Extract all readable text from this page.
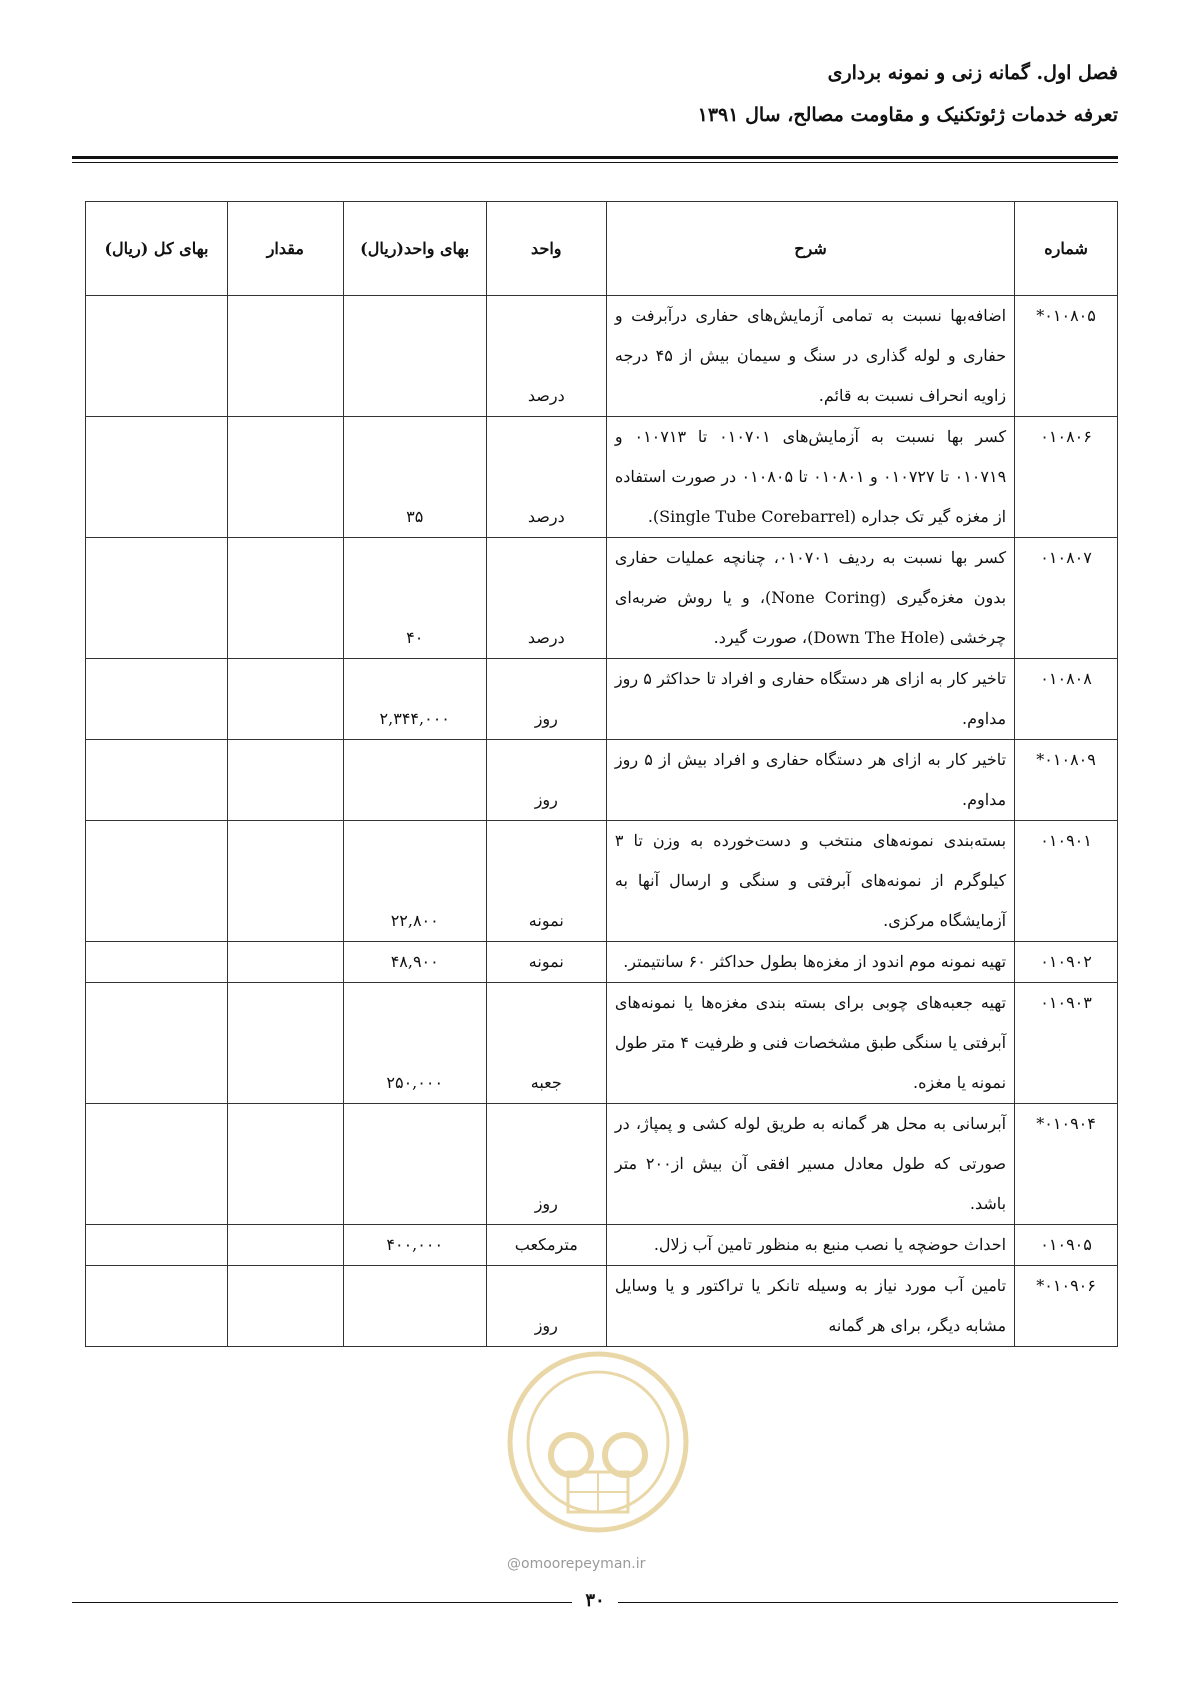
فصل اول. گمانه زنی و نمونه برداری
تعرفه خدمات ژئوتکنیک و مقاومت مصالح، سال ۱۳۹۱
شماره	شرح	واحد	بهای واحد(ریال)	مقدار	بهای کل (ریال)
۰۱۰۸۰۵*	اضافه‌بها نسبت به تمامی آزمایش‌های حفاری درآبرفت و حفاری و لوله گذاری در سنگ و سیمان بیش از ۴۵ درجه زاویه انحراف نسبت به قائم.	درصد			
۰۱۰۸۰۶	کسر بها نسبت به آزمایش‌های ۰۱۰۷۰۱ تا ۰۱۰۷۱۳ و ۰۱۰۷۱۹ تا ۰۱۰۷۲۷ و ۰۱۰۸۰۱ تا ۰۱۰۸۰۵ در صورت استفاده از مغزه گیر تک جداره (Single Tube Corebarrel).	درصد	۳۵		
۰۱۰۸۰۷	کسر بها نسبت به ردیف ۰۱۰۷۰۱، چنانچه عملیات حفاری بدون مغزه‌گیری (None Coring)، و یا روش ضربه‌ای چرخشی (Down The Hole)، صورت گیرد.	درصد	۴۰		
۰۱۰۸۰۸	تاخیر کار به ازای هر دستگاه حفاری و افراد تا حداکثر ۵ روز مداوم.	روز	۲,۳۴۴,۰۰۰		
۰۱۰۸۰۹*	تاخیر کار به ازای هر دستگاه حفاری و افراد بیش از ۵ روز مداوم.	روز			
۰۱۰۹۰۱	بسته‌بندی نمونه‌های منتخب و دست‌خورده به وزن تا ۳ کیلوگرم از نمونه‌های آبرفتی و سنگی و ارسال آنها به آزمایشگاه مرکزی.	نمونه	۲۲,۸۰۰		
۰۱۰۹۰۲	تهیه نمونه موم اندود از مغزه‌ها بطول حداکثر ۶۰ سانتیمتر.	نمونه	۴۸,۹۰۰		
۰۱۰۹۰۳	تهیه جعبه‌های چوبی برای بسته بندی مغزه‌ها یا نمونه‌های آبرفتی یا سنگی طبق مشخصات فنی و ظرفیت ۴ متر طول نمونه یا مغزه.	جعبه	۲۵۰,۰۰۰		
۰۱۰۹۰۴*	آبرسانی به محل هر گمانه به طریق لوله کشی و پمپاژ، در صورتی که طول معادل مسیر افقی آن بیش از۲۰۰ متر باشد.	روز			
۰۱۰۹۰۵	احداث حوضچه یا نصب منبع به منظور تامین آب زلال.	مترمکعب	۴۰۰,۰۰۰		
۰۱۰۹۰۶*	تامین آب مورد نیاز به وسیله تانکر یا تراکتور و یا وسایل مشابه دیگر، برای هر گمانه	روز			
@omoorepeyman.ir
۳۰
